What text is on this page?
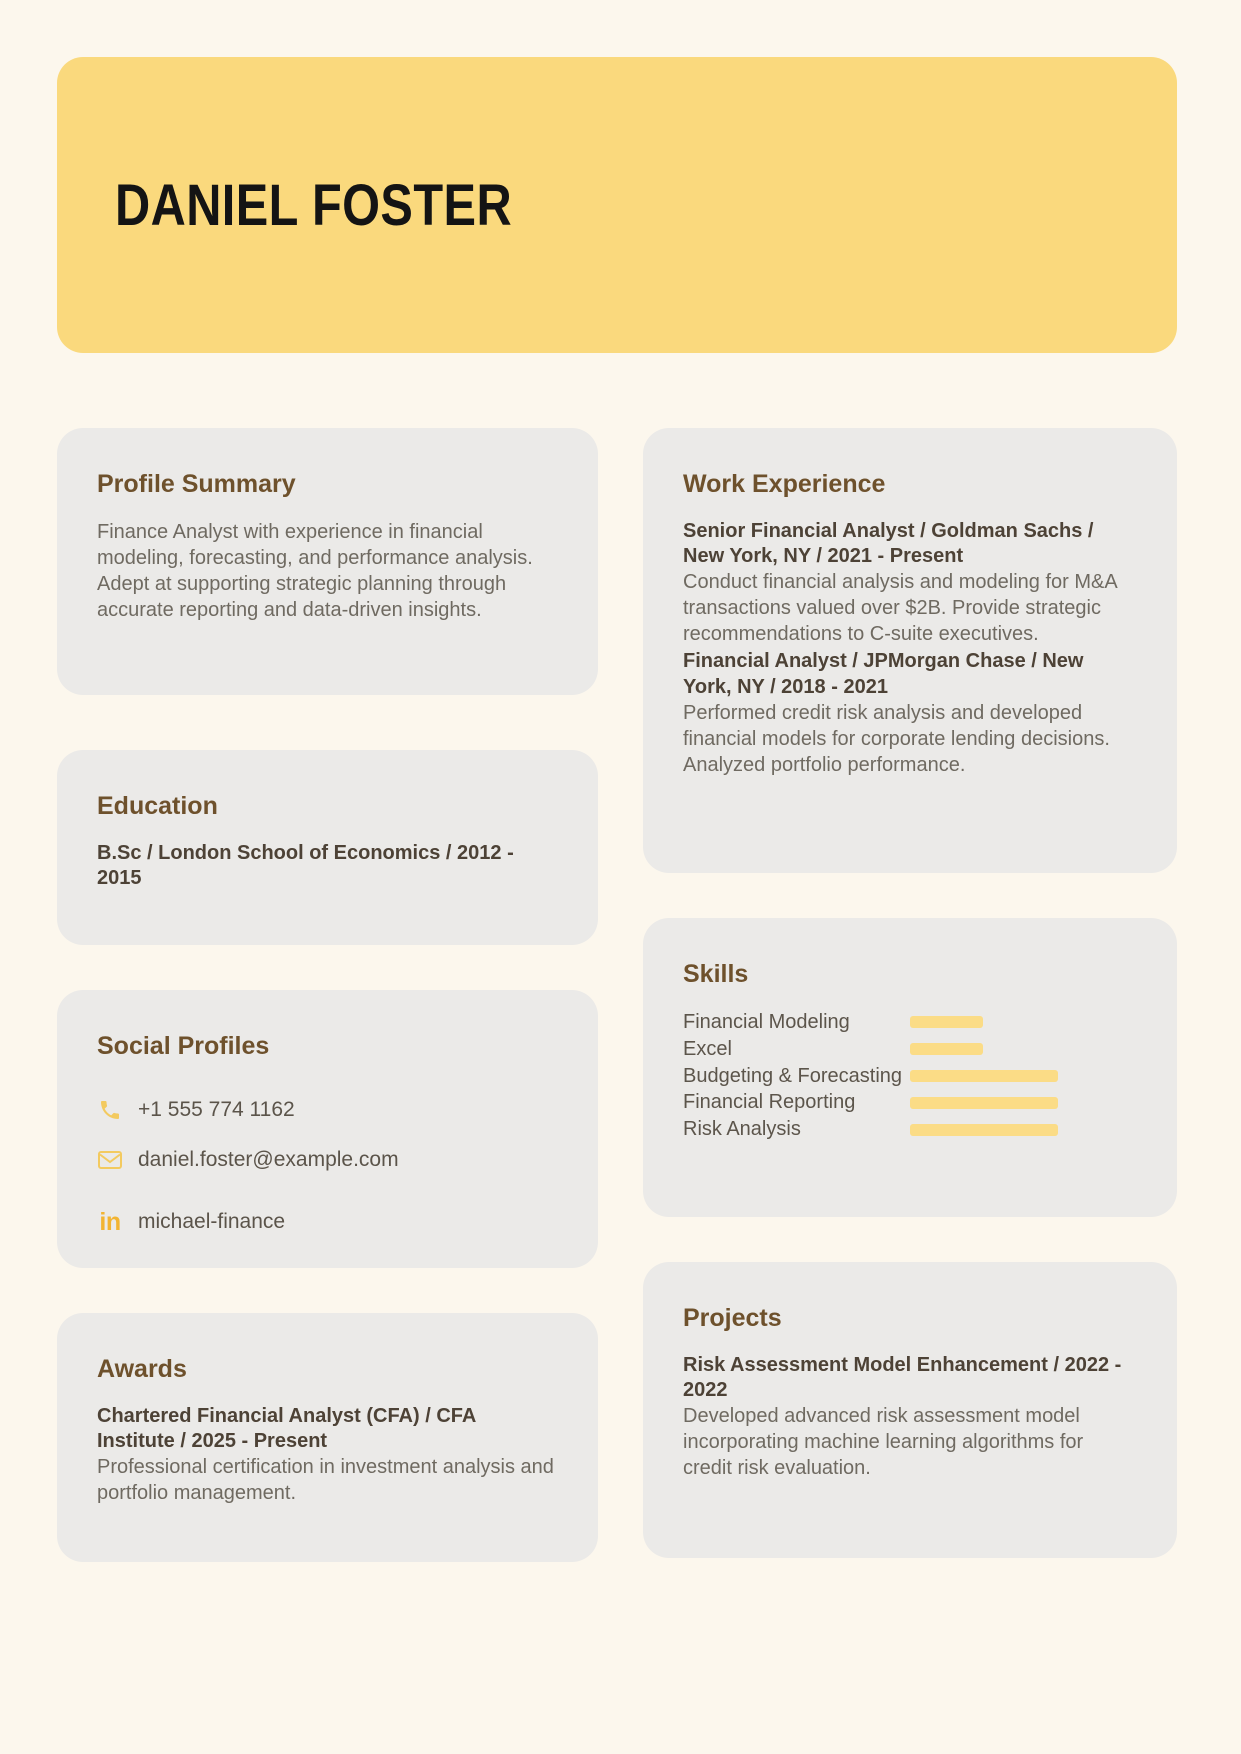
DANIEL FOSTER
Profile Summary

Finance Analyst with experience in financial modeling, forecasting, and performance analysis. Adept at supporting strategic planning through accurate reporting and data-driven insights.

Education

B.Sc / London School of Economics / 2012 - 2015

Social Profiles
+1 555 774 1162
daniel.foster@example.com
in michael-finance
Awards

Chartered Financial Analyst (CFA) / CFA Institute / 2025 - Present

Professional certification in investment analysis and portfolio management.

Work Experience

Senior Financial Analyst / Goldman Sachs / New York, NY / 2021 - Present

Conduct financial analysis and modeling for M&A transactions valued over $2B. Provide strategic recommendations to C-suite executives.

Financial Analyst / JPMorgan Chase / New York, NY / 2018 - 2021

Performed credit risk analysis and developed financial models for corporate lending decisions. Analyzed portfolio performance.

Skills
Financial Modeling
Excel
Budgeting & Forecasting
Financial Reporting
Risk Analysis
Projects

Risk Assessment Model Enhancement / 2022 - 2022

Developed advanced risk assessment model incorporating machine learning algorithms for credit risk evaluation.
